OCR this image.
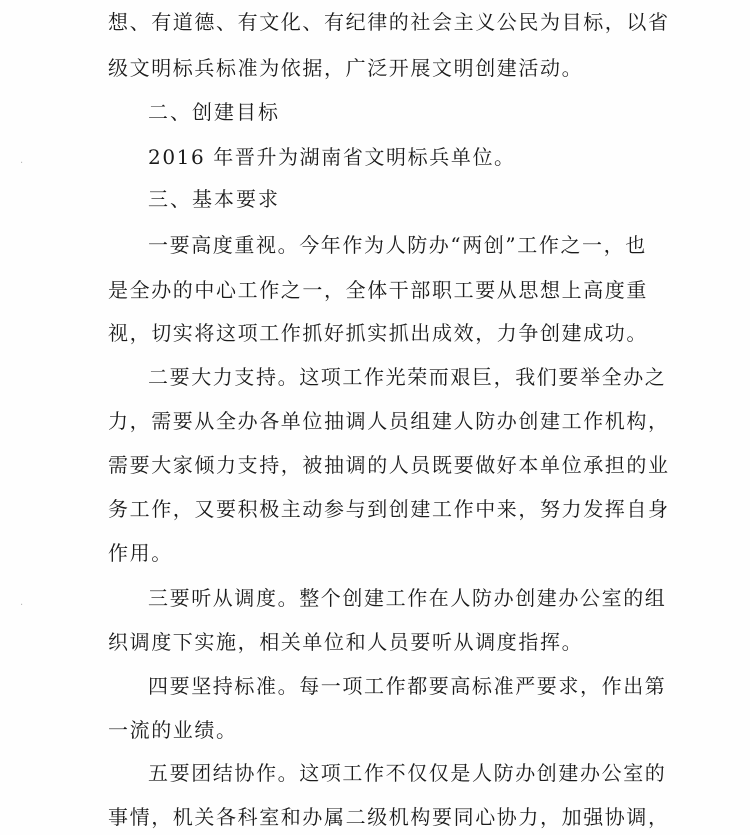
·
·
想、有道德、有文化、有纪律的社会主义公民为目标，以省
级文明标兵标准为依据，广泛开展文明创建活动。
二、创建目标
2016 年晋升为湖南省文明标兵单位。
三、基本要求
一要高度重视。今年作为人防办“两创”工作之一，也
是全办的中心工作之一，全体干部职工要从思想上高度重
视，切实将这项工作抓好抓实抓出成效，力争创建成功。
二要大力支持。这项工作光荣而艰巨，我们要举全办之
力，需要从全办各单位抽调人员组建人防办创建工作机构，
需要大家倾力支持，被抽调的人员既要做好本单位承担的业
务工作，又要积极主动参与到创建工作中来，努力发挥自身
作用。
三要听从调度。整个创建工作在人防办创建办公室的组
织调度下实施，相关单位和人员要听从调度指挥。
四要坚持标准。每一项工作都要高标准严要求，作出第
一流的业绩。
五要团结协作。这项工作不仅仅是人防办创建办公室的
事情，机关各科室和办属二级机构要同心协力，加强协调，
